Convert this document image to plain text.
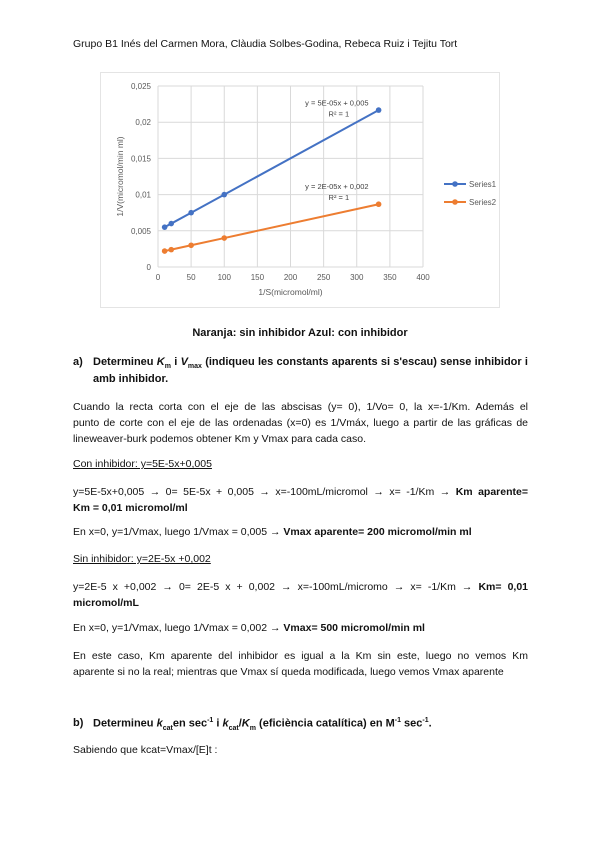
Grupo B1 Inés del Carmen Mora, Clàudia Solbes-Godina, Rebeca Ruiz i Tejitu Tort
0	50	100 150 200 250 300 350 400
0
0,005
0,01
0,015
0,02
0,025
1/S(micromol/ml)
1/V(micromol/min ml)
y = 5E-05x + 0,005
R² = 1
Series1
y = 2E-05x + 0,002
R² = 1
Series2
Naranja: sin inhibidor Azul: con inhibidor
a) Determineu $K_m$ i $V_{max}$ (indiqueu les constants aparents si s'escau) sense inhibidor i
amb inhibidor.
Cuando la recta corta con el eje de las abscisas (y= 0), 1/Vo= 0, la x=-1/Km. Además el
punto de corte con el eje de las ordenadas (x=0) es 1/Vmáx, luego a partir de las gráficas de
lineweaver-burk podemos obtener Km y Vmax para cada caso.
Con inhibidor: y=5E-5x+0,005
y=5E-5x+0,005 → 0= 5E-5x + 0,005 → x=-100mL/micromol → x= -1/Km → Km aparente=
Km = 0,01 micromol/ml
En x=0, y=1/Vmax, luego 1/Vmax = 0,005 → Vmax aparente= 200 micromol/min ml
Sin inhibidor: y=2E-5x +0,002
y=2E-5 x +0,002 → 0= 2E-5 x + 0,002 → x=-100mL/micromo → x= -1/Km → Km= 0,01
micromol/mL
En x=0, y=1/Vmax, luego 1/Vmax = 0,002 → Vmax= 500 micromol/min ml
En este caso, Km aparente del inhibidor es igual a la Km sin este, luego no vemos Km
aparente si no la real; mientras que Vmax sí queda modificada, luego vemos Vmax aparente
b) Determineu $k_{cat}en$ $\sec^{-1} i$ $k_{cat}/K_m$ (eficiència catalítica) en $M^{-1}$ $\sec^{-1}$.
Sabiendo que kcat=Vmax/[E]t :
